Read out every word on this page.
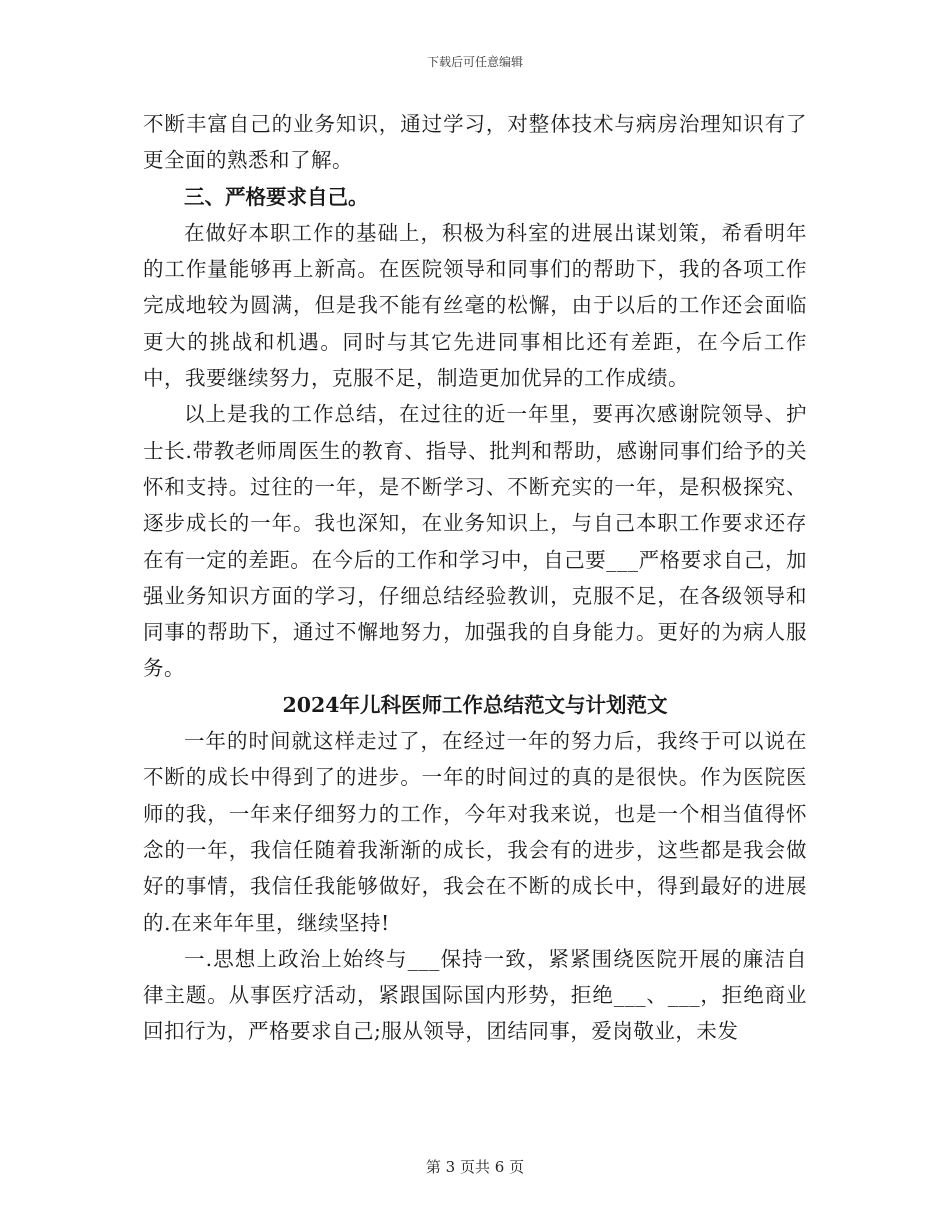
下载后可任意编辑

不断丰富自己的业务知识，通过学习，对整体技术与病房治理知识有了更全面的熟悉和了解。

三、严格要求自己。

在做好本职工作的基础上，积极为科室的进展出谋划策，希看明年的工作量能够再上新高。在医院领导和同事们的帮助下，我的各项工作完成地较为圆满，但是我不能有丝毫的松懈，由于以后的工作还会面临更大的挑战和机遇。同时与其它先进同事相比还有差距，在今后工作中，我要继续努力，克服不足，制造更加优异的工作成绩。

以上是我的工作总结，在过往的近一年里，要再次感谢院领导、护士长.带教老师周医生的教育、指导、批判和帮助，感谢同事们给予的关怀和支持。过往的一年，是不断学习、不断充实的一年，是积极探究、逐步成长的一年。我也深知，在业务知识上，与自己本职工作要求还存在有一定的差距。在今后的工作和学习中，自己要___严格要求自己，加强业务知识方面的学习，仔细总结经验教训，克服不足，在各级领导和同事的帮助下，通过不懈地努力，加强我的自身能力。更好的为病人服务。

2024年儿科医师工作总结范文与计划范文

一年的时间就这样走过了，在经过一年的努力后，我终于可以说在不断的成长中得到了的进步。一年的时间过的真的是很快。作为医院医师的我，一年来仔细努力的工作，今年对我来说，也是一个相当值得怀念的一年，我信任随着我渐渐的成长，我会有的进步，这些都是我会做好的事情，我信任我能够做好，我会在不断的成长中，得到最好的进展的.在来年年里，继续坚持!

一.思想上政治上始终与___保持一致，紧紧围绕医院开展的廉洁自律主题。从事医疗活动，紧跟国际国内形势，拒绝___、___，拒绝商业回扣行为，严格要求自己;服从领导，团结同事，爱岗敬业，未发

第 3 页共 6 页
